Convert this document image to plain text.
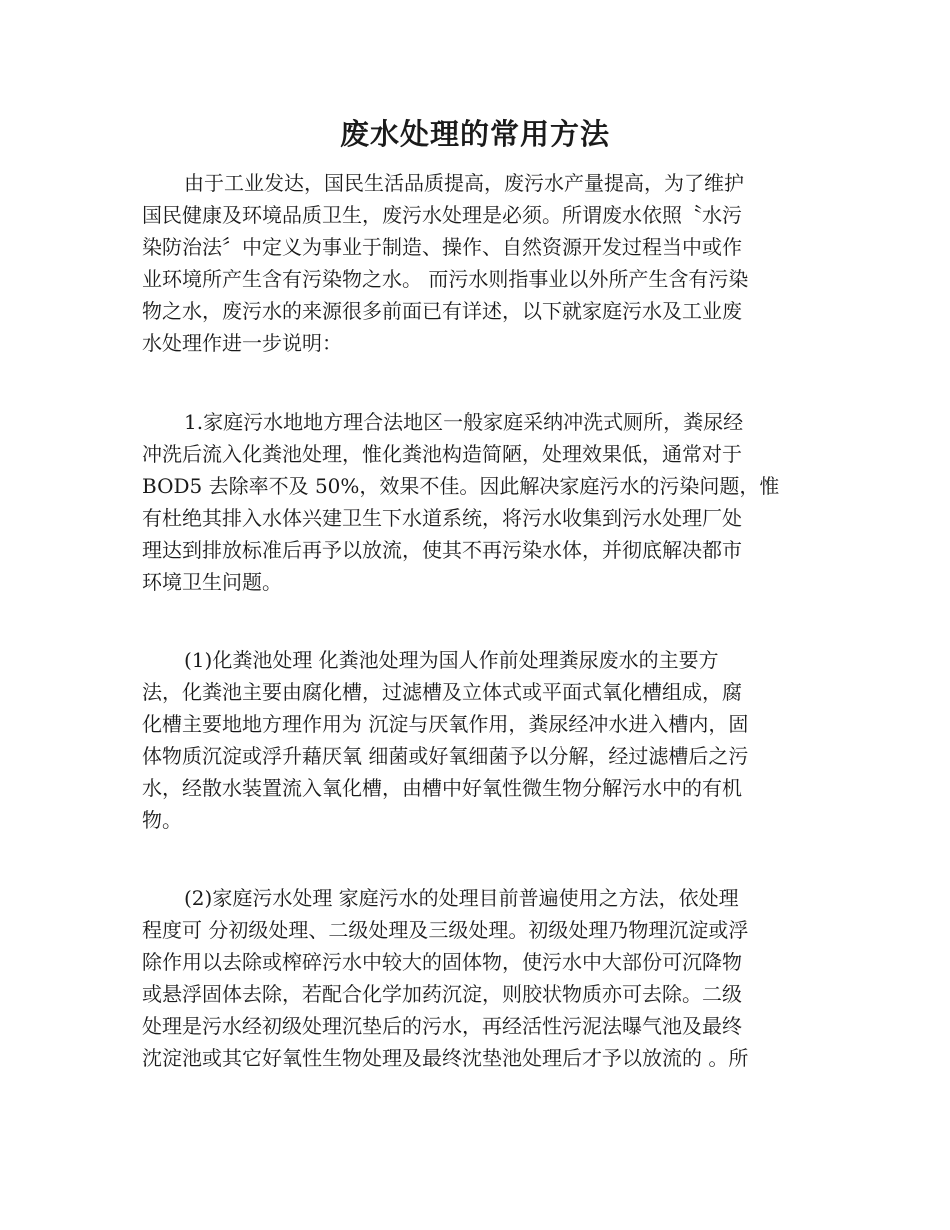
废水处理的常用方法
由于工业发达，国民生活品质提高，废污水产量提高，为了维护
国民健康及环境品质卫生，废污水处理是必须。所谓废水依照〝水污
染防治法〞中定义为事业于制造、操作、自然资源开发过程当中或作
业环境所产生含有污染物之水。 而污水则指事业以外所产生含有污染
物之水，废污水的来源很多前面已有详述，以下就家庭污水及工业废
水处理作进一步说明：
1.家庭污水地地方理合法地区一般家庭采纳冲洗式厕所，粪尿经
冲洗后流入化粪池处理，惟化粪池构造简陋，处理效果低，通常对于
BOD5 去除率不及 50%，效果不佳。因此解决家庭污水的污染问题，惟
有杜绝其排入水体兴建卫生下水道系统，将污水收集到污水处理厂处
理达到排放标准后再予以放流，使其不再污染水体，并彻底解决都市
环境卫生问题。
(1)化粪池处理 化粪池处理为国人作前处理粪尿废水的主要方
法，化粪池主要由腐化槽，过滤槽及立体式或平面式氧化槽组成，腐
化槽主要地地方理作用为 沉淀与厌氧作用，粪尿经冲水进入槽内，固
体物质沉淀或浮升藉厌氧 细菌或好氧细菌予以分解，经过滤槽后之污
水，经散水装置流入氧化槽，由槽中好氧性微生物分解污水中的有机
物。
(2)家庭污水处理 家庭污水的处理目前普遍使用之方法，依处理
程度可 分初级处理、二级处理及三级处理。初级处理乃物理沉淀或浮
除作用以去除或榨碎污水中较大的固体物，使污水中大部份可沉降物
或悬浮固体去除，若配合化学加药沉淀，则胶状物质亦可去除。二级
处理是污水经初级处理沉垫后的污水，再经活性污泥法曝气池及最终
沈淀池或其它好氧性生物处理及最终沈垫池处理后才予以放流的 。所
